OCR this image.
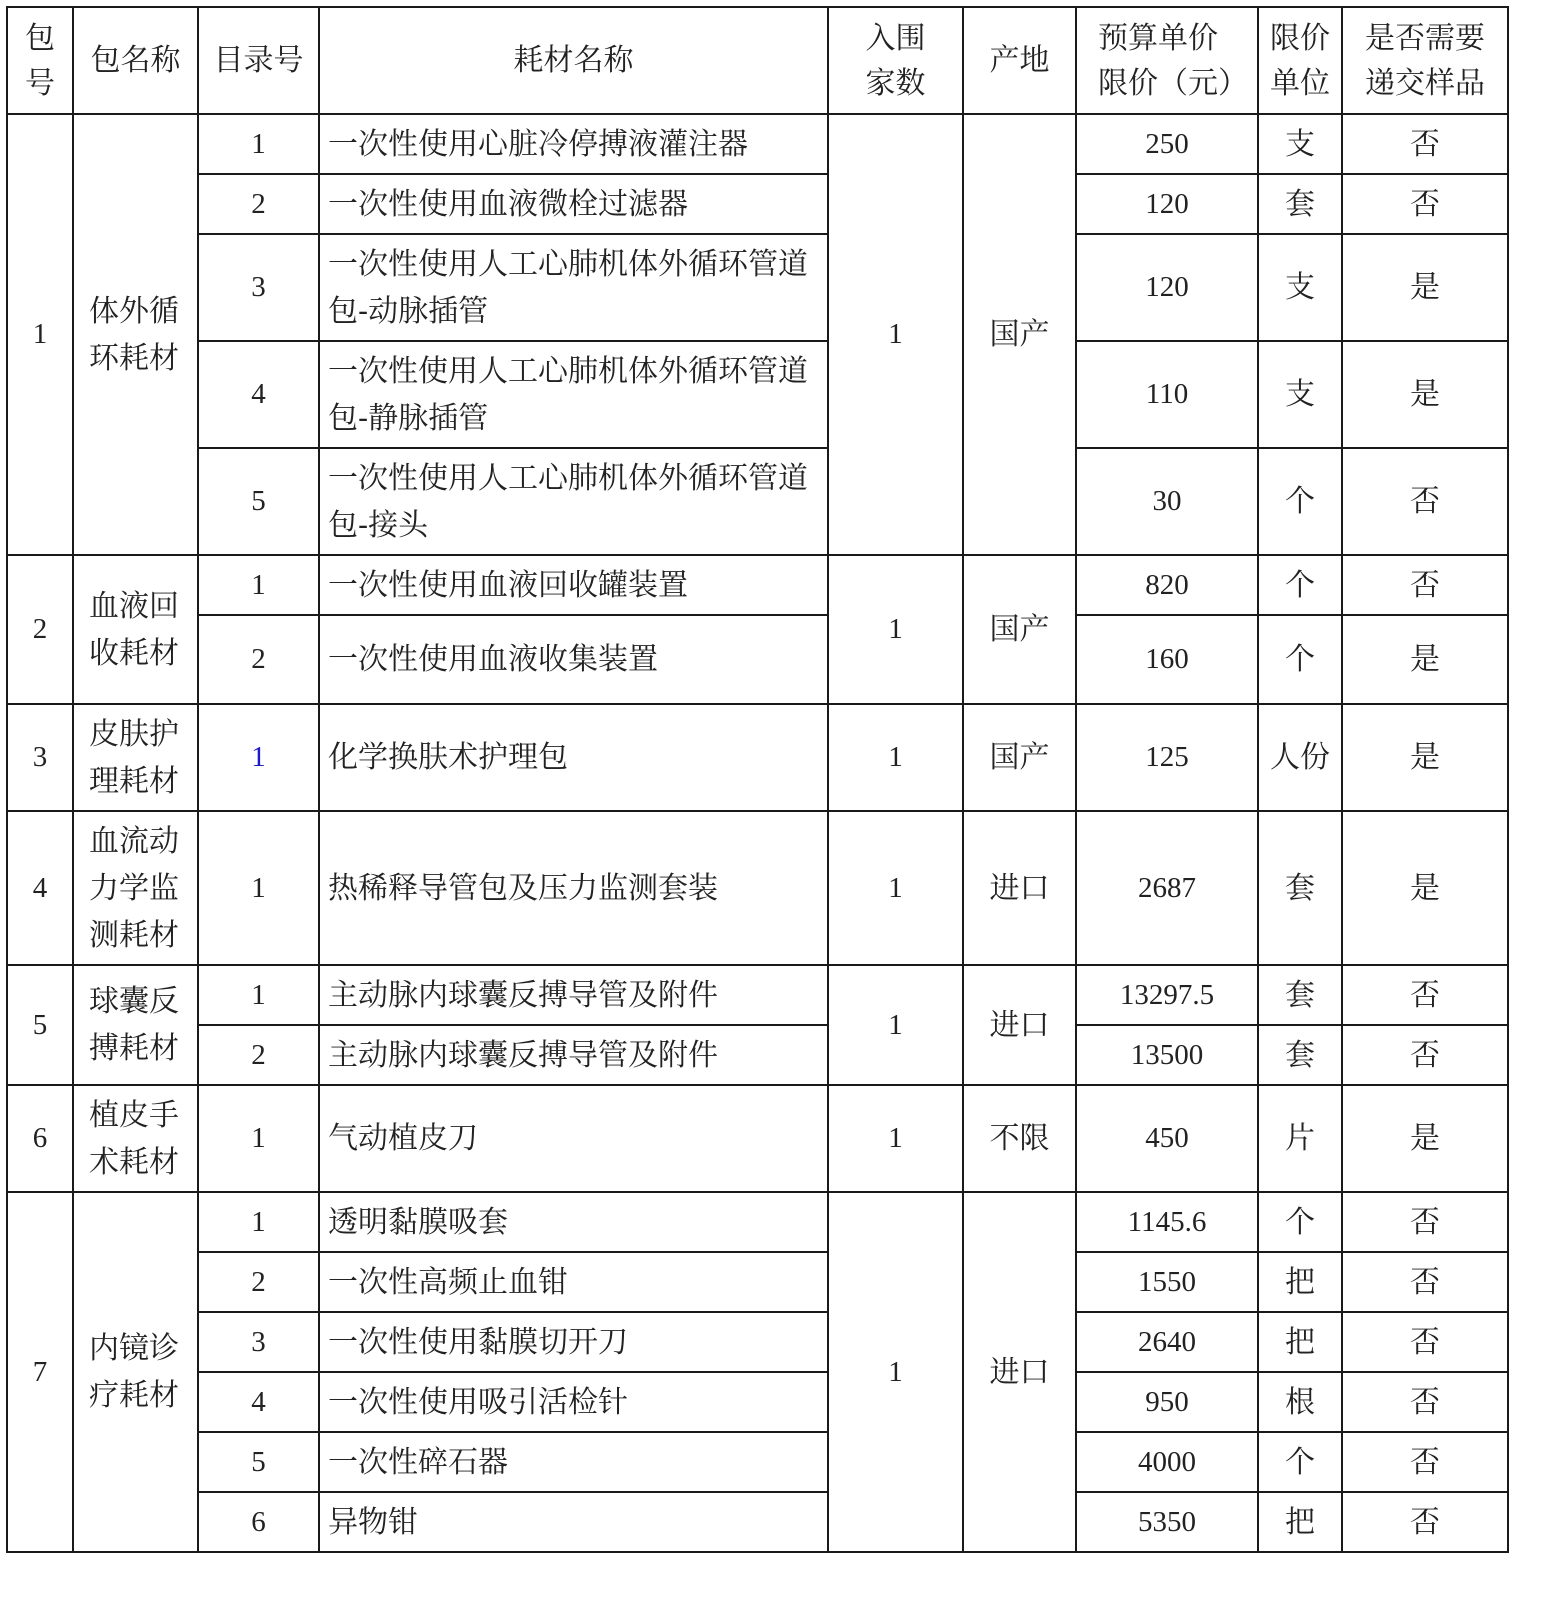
包号	包名称	目录号	耗材名称	入围家数	产地	预算单价限价（元）	限价单位	是否需要递交样品

1	体外循环耗材	1	一次性使用心脏冷停搏液灌注器	1	国产	250	支	否
		2	一次性使用血液微栓过滤器			120	套	否
		3	一次性使用人工心肺机体外循环管道包-动脉插管			120	支	是
		4	一次性使用人工心肺机体外循环管道包-静脉插管			110	支	是
		5	一次性使用人工心肺机体外循环管道包-接头			30	个	否
2	血液回收耗材	1	一次性使用血液回收罐装置	1	国产	820	个	否
		2	一次性使用血液收集装置			160	个	是
3	皮肤护理耗材	1	化学换肤术护理包	1	国产	125	人份	是
4	血流动力学监测耗材	1	热稀释导管包及压力监测套装	1	进口	2687	套	是
5	球囊反搏耗材	1	主动脉内球囊反搏导管及附件	1	进口	13297.5	套	否
		2	主动脉内球囊反搏导管及附件			13500	套	否
6	植皮手术耗材	1	气动植皮刀	1	不限	450	片	是
7	内镜诊疗耗材	1	透明黏膜吸套	1	进口	1145.6	个	否
		2	一次性高频止血钳			1550	把	否
		3	一次性使用黏膜切开刀			2640	把	否
		4	一次性使用吸引活检针			950	根	否
		5	一次性碎石器			4000	个	否
		6	异物钳			5350	把	否
